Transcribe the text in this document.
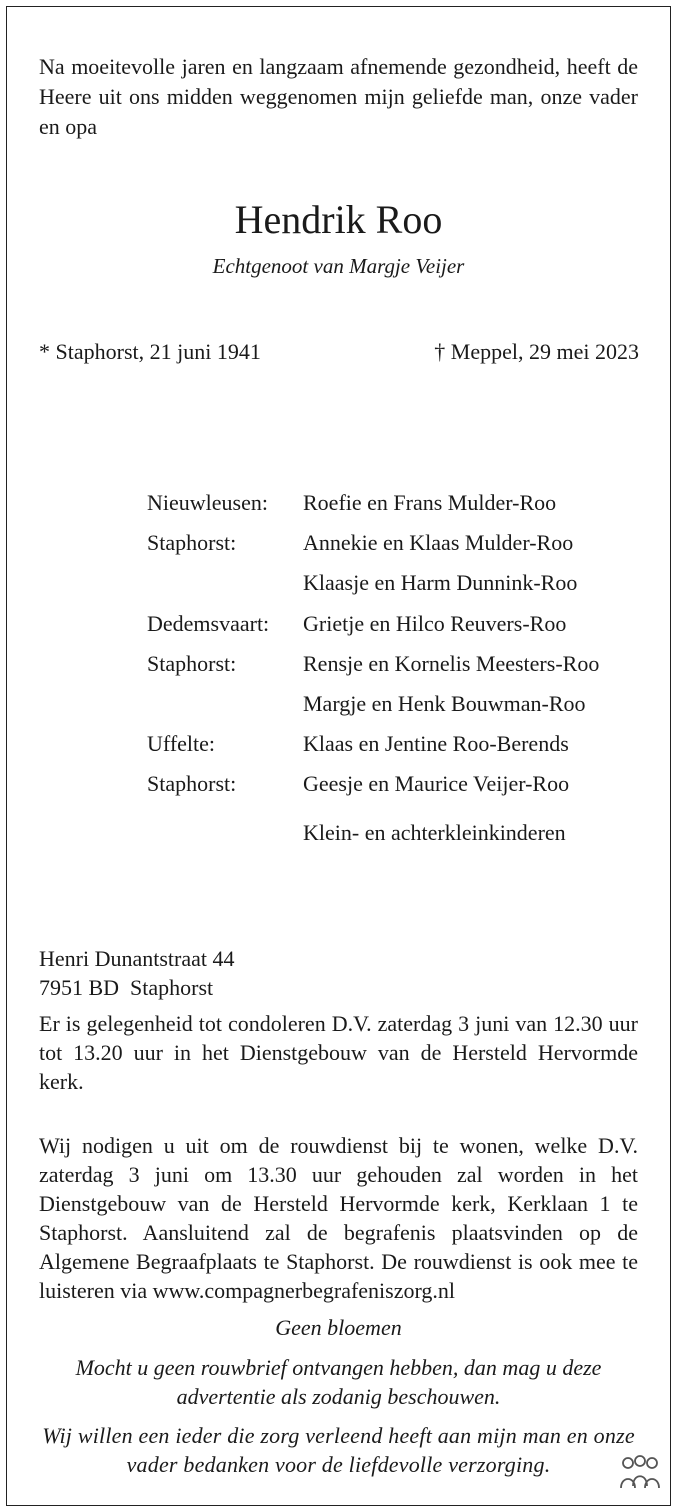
Na moeitevolle jaren en langzaam afnemende gezondheid, heeft de Heere uit ons midden weggenomen mijn geliefde man, onze vader en opa
Hendrik Roo
Echtgenoot van Margje Veijer
* Staphorst, 21 juni 1941	† Meppel, 29 mei 2023
Nieuwleusen: Roefie en Frans Mulder-Roo
Staphorst:	Annekie en Klaas Mulder-Roo
Klaasje en Harm Dunnink-Roo
Dedemsvaart: Grietje en Hilco Reuvers-Roo
Staphorst:	Rensje en Kornelis Meesters-Roo
Margje en Henk Bouwman-Roo
Uffelte:	Klaas en Jentine Roo-Berends
Staphorst:	Geesje en Maurice Veijer-Roo
Klein- en achterkleinkinderen
Henri Dunantstraat 44
7951 BD  Staphorst
Er is gelegenheid tot condoleren D.V. zaterdag 3 juni van 12.30 uur tot 13.20 uur in het Dienstgebouw van de Hersteld Hervormde kerk.
Wij nodigen u uit om de rouwdienst bij te wonen, welke D.V. zaterdag 3 juni om 13.30 uur gehouden zal worden in het Dienstgebouw van de Hersteld Hervormde kerk, Kerklaan 1 te Staphorst. Aansluitend zal de begrafenis plaatsvinden op de Algemene Begraafplaats te Staphorst. De rouwdienst is ook mee te luisteren via www.compagnerbegrafeniszorg.nl
Geen bloemen
Mocht u geen rouwbrief ontvangen hebben, dan mag u deze advertentie als zodanig beschouwen.
Wij willen een ieder die zorg verleend heeft aan mijn man en onze vader bedanken voor de liefdevolle verzorging.
